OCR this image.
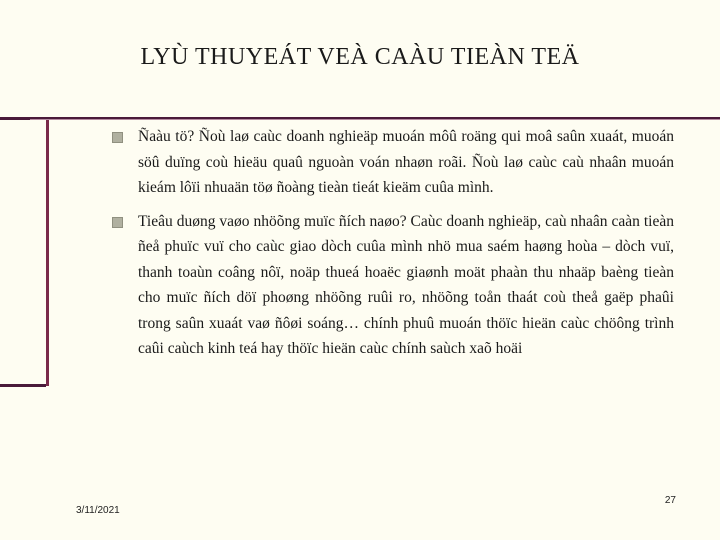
LYÙ THUYEÁT VEÀ CAÀU TIEÀN TEÄ
Ñaàu tö? Ñoù laø caùc doanh nghieäp muoán môû roäng qui moâ saûn xuaát, muoán söû duïng coù hieäu quaû nguoàn voán nhaøn roãi. Ñoù laø caùc caù nhaân muoán kieám lôïi nhuaän töø ñoàng tieàn tieát kieäm cuûa mình.
Tieâu duøng vaøo nhöõng muïc ñích naøo? Caùc doanh nghieäp, caù nhaân caàn tieàn ñeå phuïc vuï cho caùc giao dòch cuûa mình nhö mua saém haøng hoùa – dòch vuï, thanh toaùn coâng nôï, noäp thueá hoaëc giaønh moät phaàn thu nhaäp baèng tieàn cho muïc ñích döï phoøng nhöõng ruûi ro, nhöõng toån thaát coù theå gaëp phaûi trong saûn xuaát vaø ñôøi soáng… chính phuû muoán thöïc hieän caùc chöông trình caûi caùch kinh teá hay thöïc hieän caùc chính saùch xaõ hoäi
3/11/2021
27
